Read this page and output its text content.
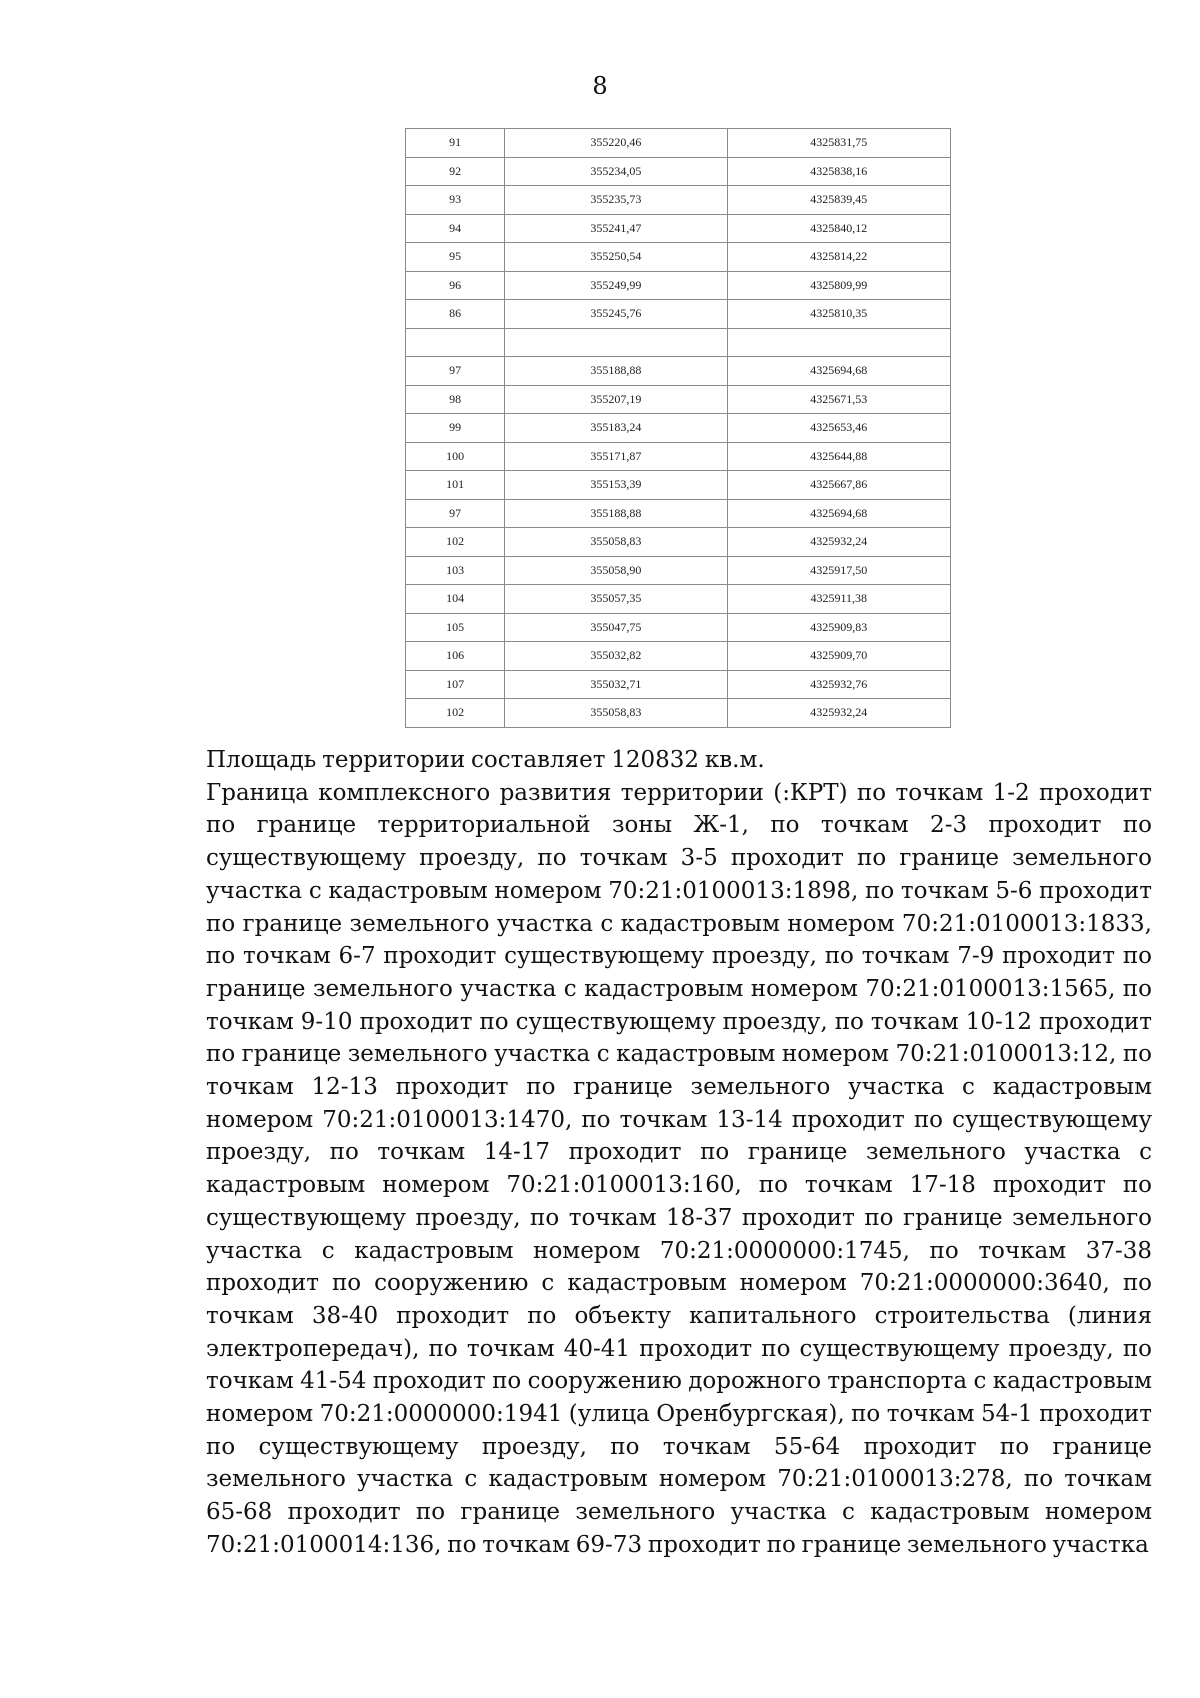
8
91	355220,46	4325831,75
92	355234,05	4325838,16
93	355235,73	4325839,45
94	355241,47	4325840,12
95	355250,54	4325814,22
96	355249,99	4325809,99
86	355245,76	4325810,35

97	355188,88	4325694,68
98	355207,19	4325671,53
99	355183,24	4325653,46
100	355171,87	4325644,88
101	355153,39	4325667,86
97	355188,88	4325694,68
102	355058,83	4325932,24
103	355058,90	4325917,50
104	355057,35	4325911,38
105	355047,75	4325909,83
106	355032,82	4325909,70
107	355032,71	4325932,76
102	355058,83	4325932,24

Площадь территории составляет 120832 кв.м.

Граница комплексного развития территории (:КРТ) по точкам 1-2 проходит по границе территориальной зоны Ж-1, по точкам 2-3 проходит по существующему проезду, по точкам 3-5 проходит по границе земельного участка с кадастровым номером 70:21:0100013:1898, по точкам 5-6 проходит по границе земельного участка с кадастровым номером 70:21:0100013:1833, по точкам 6-7 проходит существующему проезду, по точкам 7-9 проходит по границе земельного участка с кадастровым номером 70:21:0100013:1565, по точкам 9-10 проходит по существующему проезду, по точкам 10-12 проходит по границе земельного участка с кадастровым номером 70:21:0100013:12, по точкам 12-13 проходит по границе земельного участка с кадастровым номером 70:21:0100013:1470, по точкам 13-14 проходит по существующему проезду, по точкам 14-17 проходит по границе земельного участка с кадастровым номером 70:21:0100013:160, по точкам 17-18 проходит по существующему проезду, по точкам 18-37 проходит по границе земельного участка с кадастровым номером 70:21:0000000:1745, по точкам 37-38 проходит по сооружению с кадастровым номером 70:21:0000000:3640, по точкам 38-40 проходит по объекту капитального строительства (линия электропередач), по точкам 40-41 проходит по существующему проезду, по точкам 41-54 проходит по сооружению дорожного транспорта с кадастровым номером 70:21:0000000:1941 (улица Оренбургская), по точкам 54-1 проходит по существующему проезду, по точкам 55-64 проходит по границе земельного участка с кадастровым номером 70:21:0100013:278, по точкам 65-68 проходит по границе земельного участка с кадастровым номером 70:21:0100014:136, по точкам 69-73 проходит по границе земельного участка
